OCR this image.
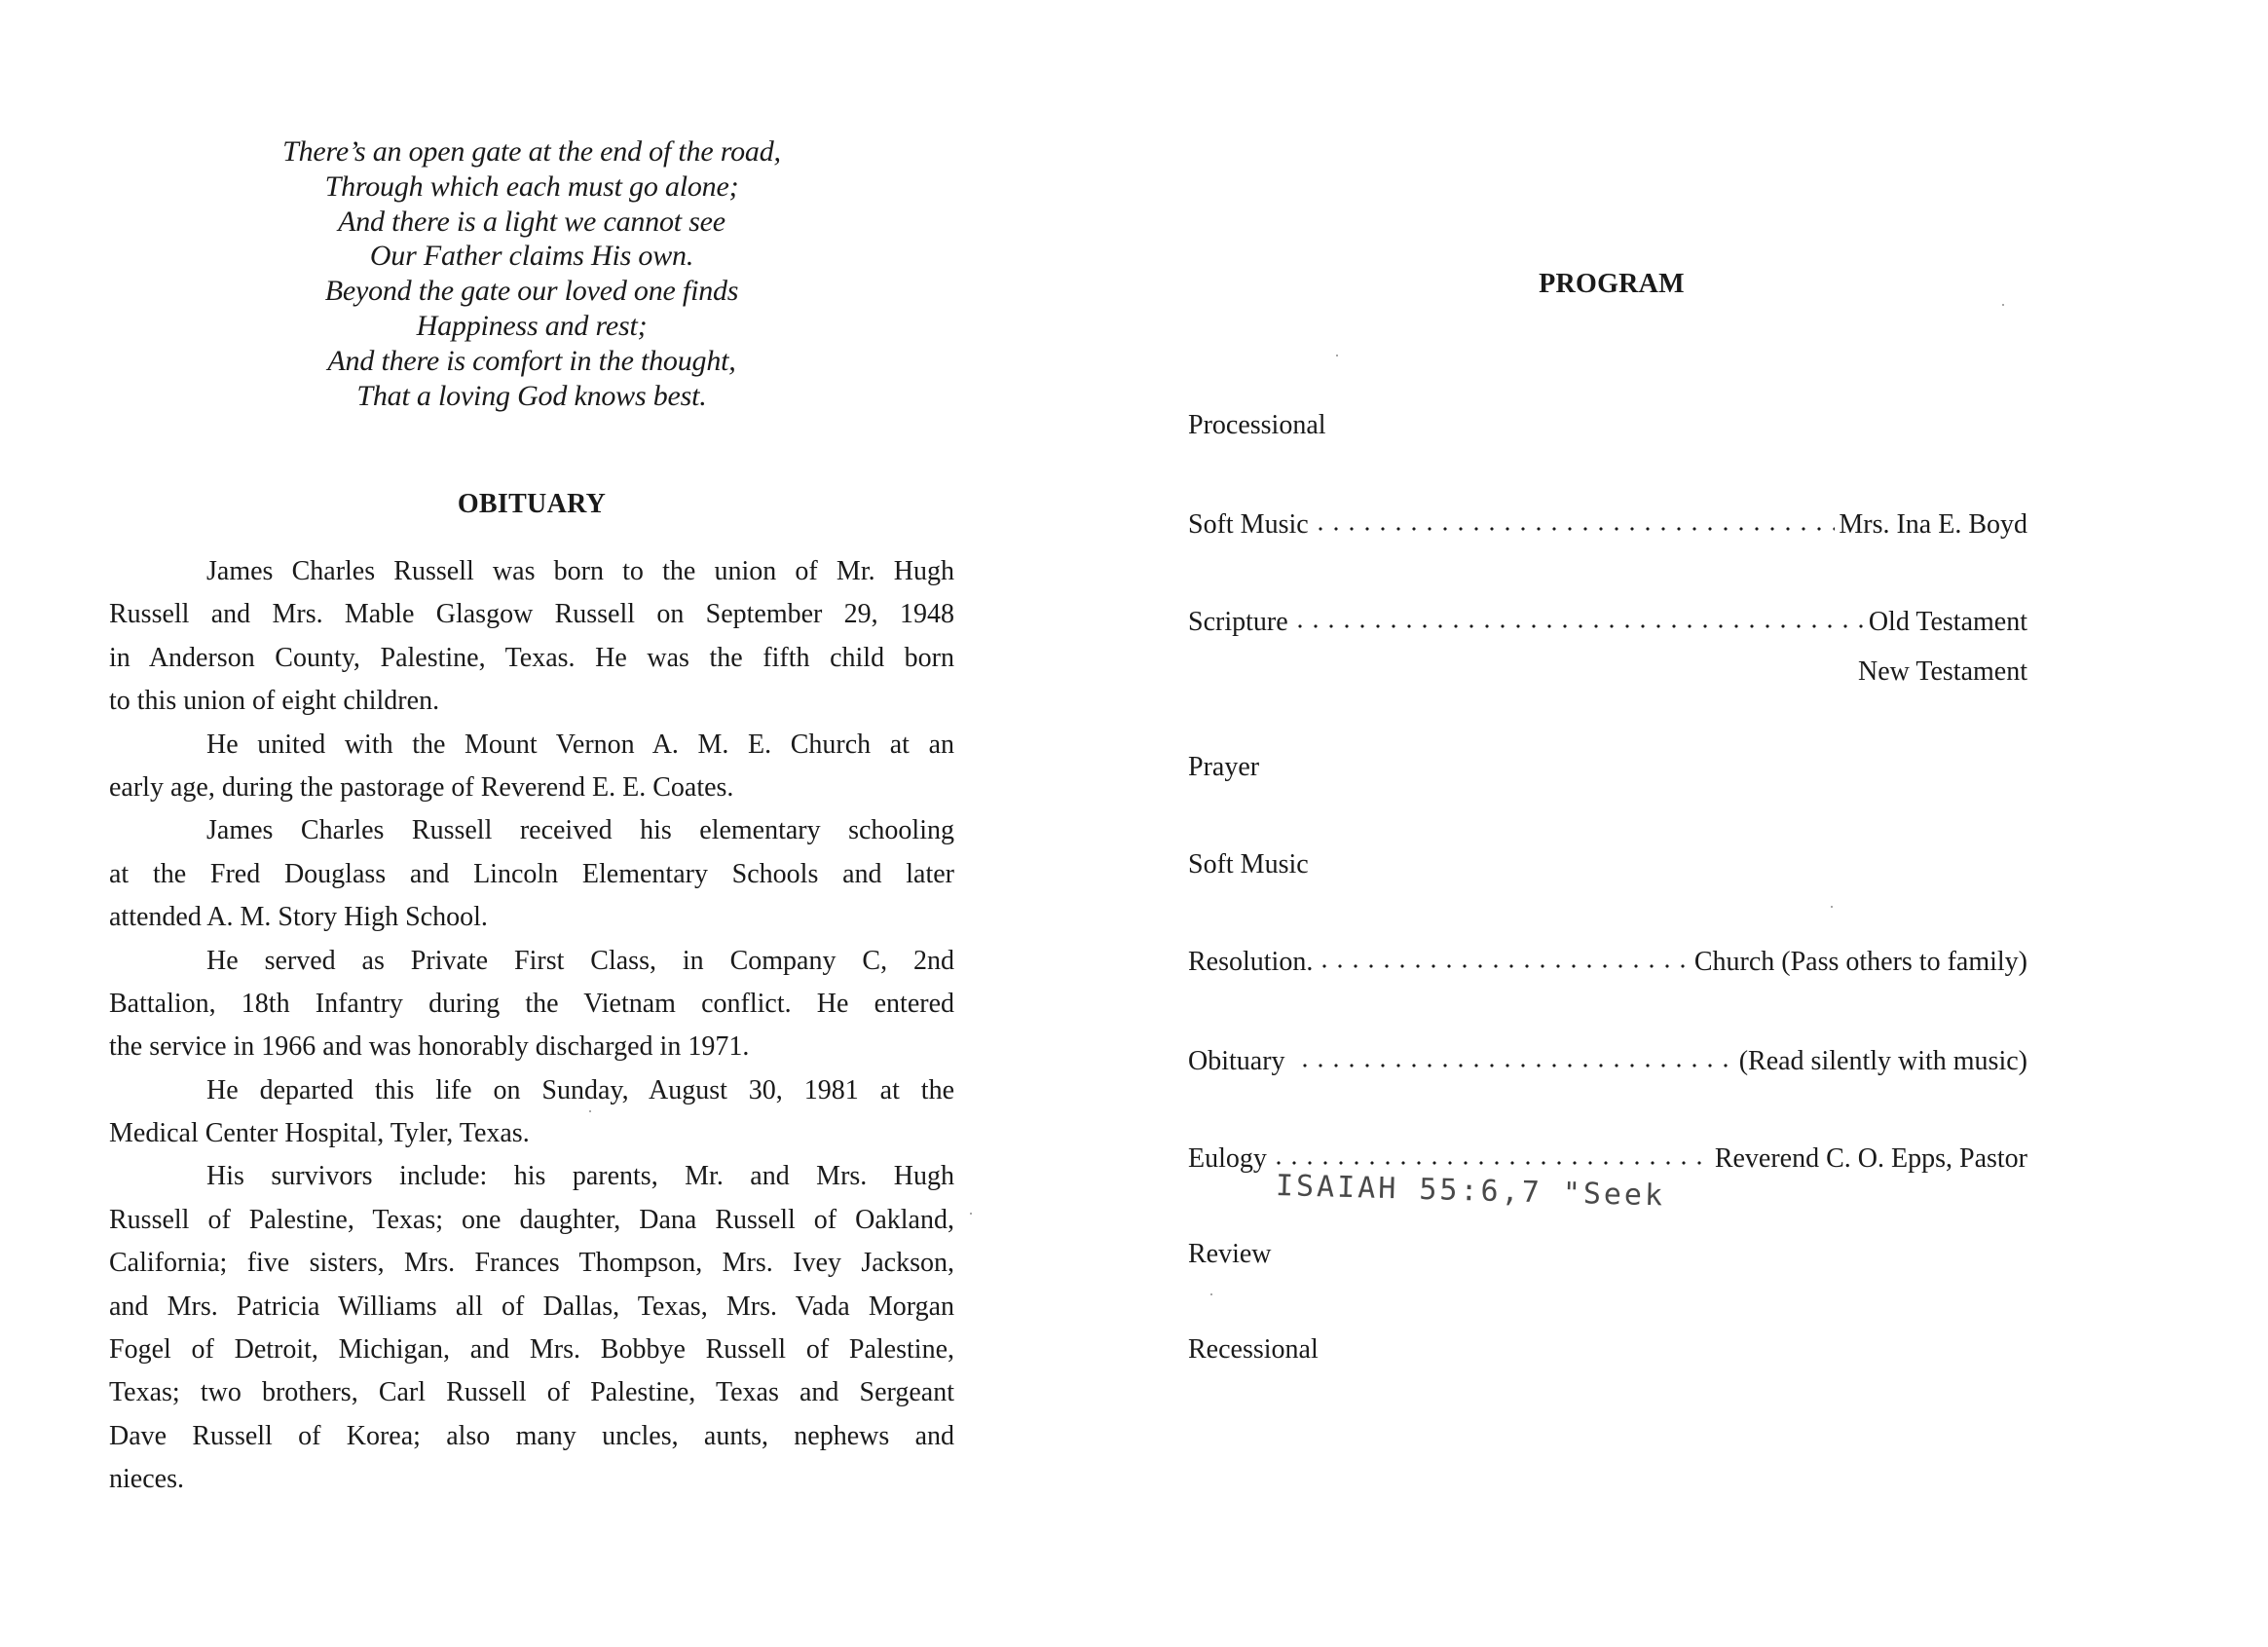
There’s an open gate at the end of the road,
Through which each must go alone;
And there is a light we cannot see
Our Father claims His own.
Beyond the gate our loved one finds
Happiness and rest;
And there is comfort in the thought,
That a loving God knows best.
OBITUARY
James Charles Russell was born to the union of Mr. Hugh
Russell and Mrs. Mable Glasgow Russell on September 29, 1948
in Anderson County, Palestine, Texas. He was the fifth child born
to this union of eight children.
He united with the Mount Vernon A. M. E. Church at an
early age, during the pastorage of Reverend E. E. Coates.
James Charles Russell received his elementary schooling
at the Fred Douglass and Lincoln Elementary Schools and later
attended A. M. Story High School.
He served as Private First Class, in Company C, 2nd
Battalion, 18th Infantry during the Vietnam conflict. He entered
the service in 1966 and was honorably discharged in 1971.
He departed this life on Sunday, August 30, 1981 at the
Medical Center Hospital, Tyler, Texas.
His survivors include: his parents, Mr. and Mrs. Hugh
Russell of Palestine, Texas; one daughter, Dana Russell of Oakland,
California; five sisters, Mrs. Frances Thompson, Mrs. Ivey Jackson,
and Mrs. Patricia Williams all of Dallas, Texas, Mrs. Vada Morgan
Fogel of Detroit, Michigan, and Mrs. Bobbye Russell of Palestine,
Texas; two brothers, Carl Russell of Palestine, Texas and Sergeant
Dave Russell of Korea; also many uncles, aunts, nephews and
nieces.
PROGRAM
Processional
Soft Music	Mrs. Ina E. Boyd
Scripture	Old Testament
New Testament
Prayer
Soft Music
Resolution.	Church (Pass others to family)
Obituary	(Read silently with music)
Eulogy	Reverend C. O. Epps, Pastor
ISAIAH 55:6,7 "Seek
Review
Recessional
